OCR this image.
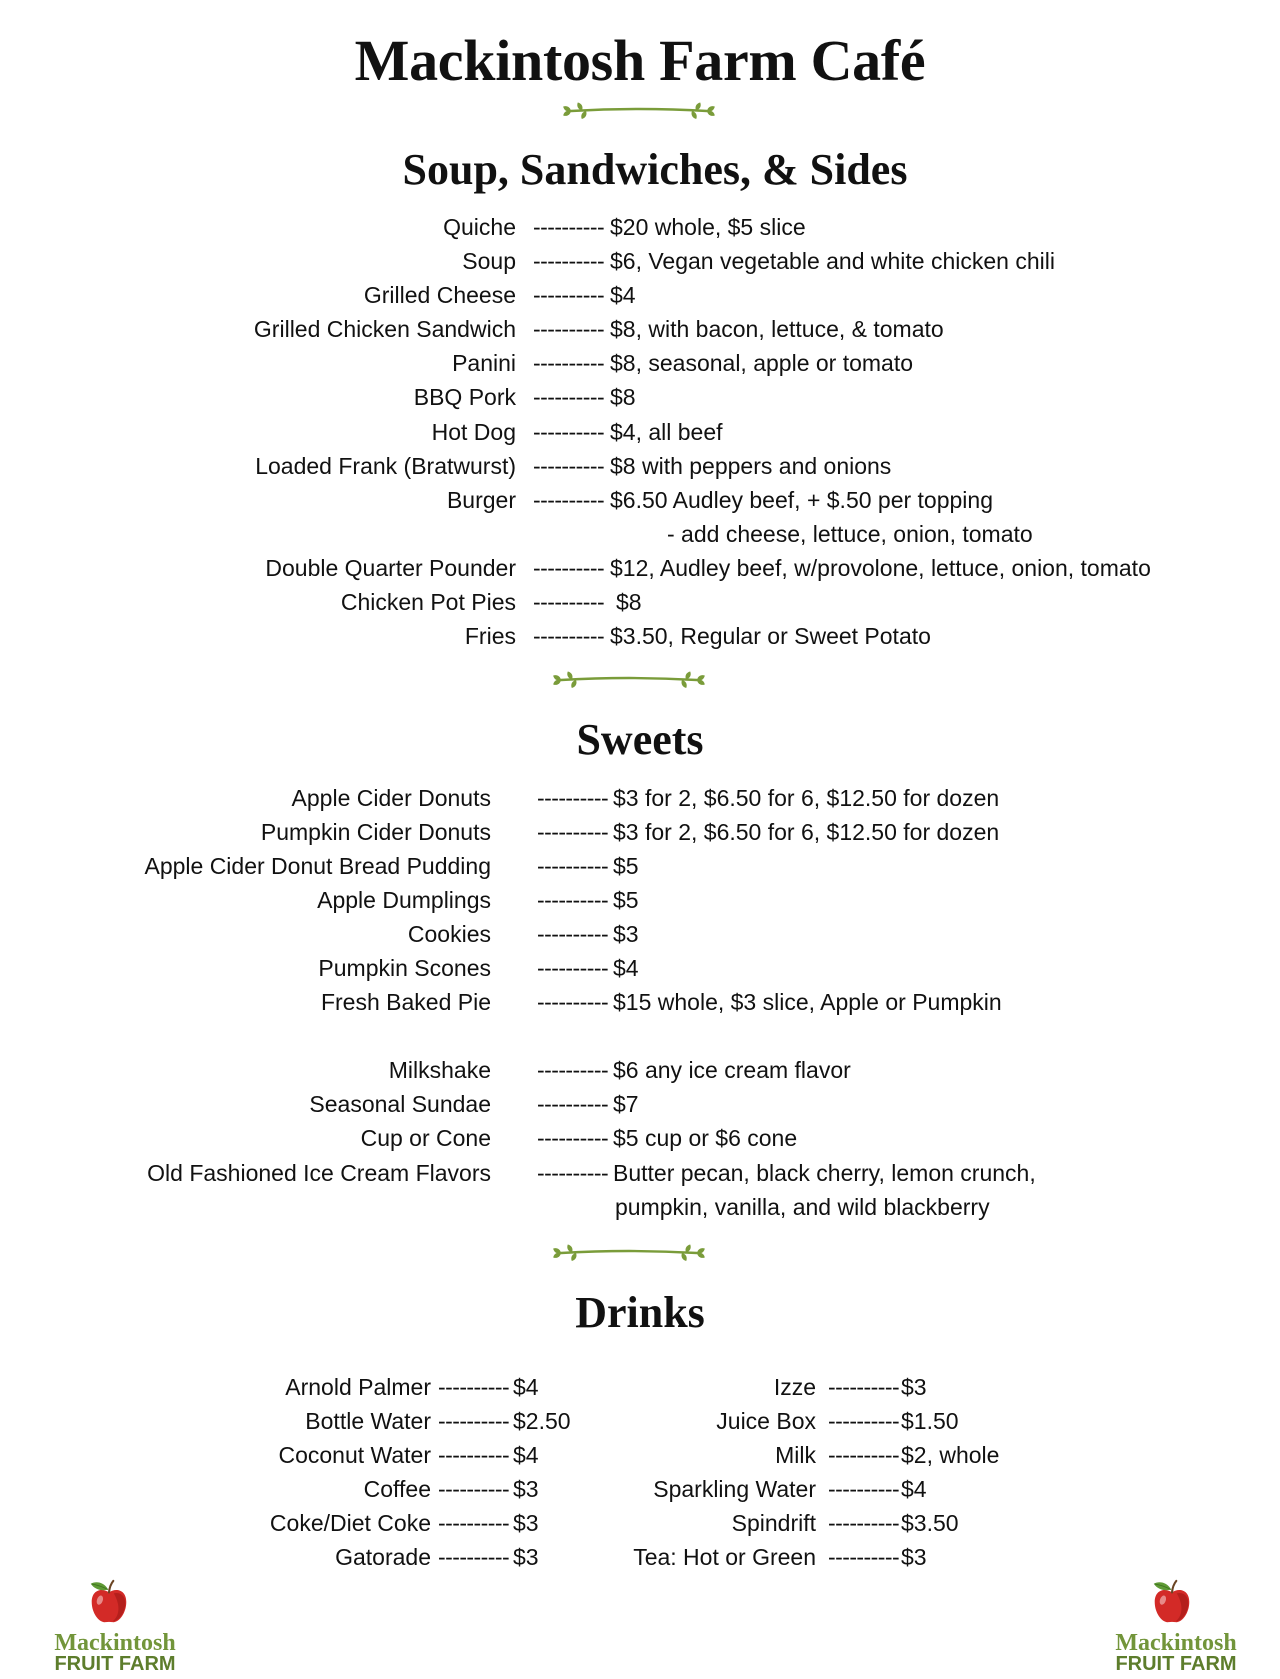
Mackintosh Farm Café
Soup, Sandwiches, & Sides
Quiche ---------- $20 whole, $5 slice
Soup ---------- $6, Vegan vegetable and white chicken chili
Grilled Cheese ---------- $4
Grilled Chicken Sandwich ---------- $8, with bacon, lettuce, & tomato
Panini ---------- $8, seasonal, apple or tomato
BBQ Pork ---------- $8
Hot Dog ---------- $4, all beef
Loaded Frank (Bratwurst) ---------- $8 with peppers and onions
Burger ---------- $6.50 Audley beef, + $.50 per topping
- add cheese, lettuce, onion, tomato
Double Quarter Pounder ---------- $12, Audley beef, w/provolone, lettuce, onion, tomato
Chicken Pot Pies ---------- $8
Fries ---------- $3.50, Regular or Sweet Potato
Sweets
Apple Cider Donuts ---------- $3 for 2, $6.50 for 6, $12.50 for dozen
Pumpkin Cider Donuts ---------- $3 for 2, $6.50 for 6, $12.50 for dozen
Apple Cider Donut Bread Pudding ---------- $5
Apple Dumplings ---------- $5
Cookies ---------- $3
Pumpkin Scones ---------- $4
Fresh Baked Pie ---------- $15 whole, $3 slice, Apple or Pumpkin
Milkshake ---------- $6 any ice cream flavor
Seasonal Sundae ---------- $7
Cup or Cone ---------- $5 cup or $6 cone
Old Fashioned Ice Cream Flavors ---------- Butter pecan, black cherry, lemon crunch,
pumpkin, vanilla, and wild blackberry
Drinks
Arnold Palmer ---------- $4
Bottle Water ---------- $2.50
Coconut Water ---------- $4
Coffee ---------- $3
Coke/Diet Coke ---------- $3
Gatorade ---------- $3
Izze ---------- $3
Juice Box ---------- $1.50
Milk ---------- $2, whole
Sparkling Water ---------- $4
Spindrift ---------- $3.50
Tea: Hot or Green ---------- $3
Mackintosh
FRUIT FARM
Mackintosh
FRUIT FARM
